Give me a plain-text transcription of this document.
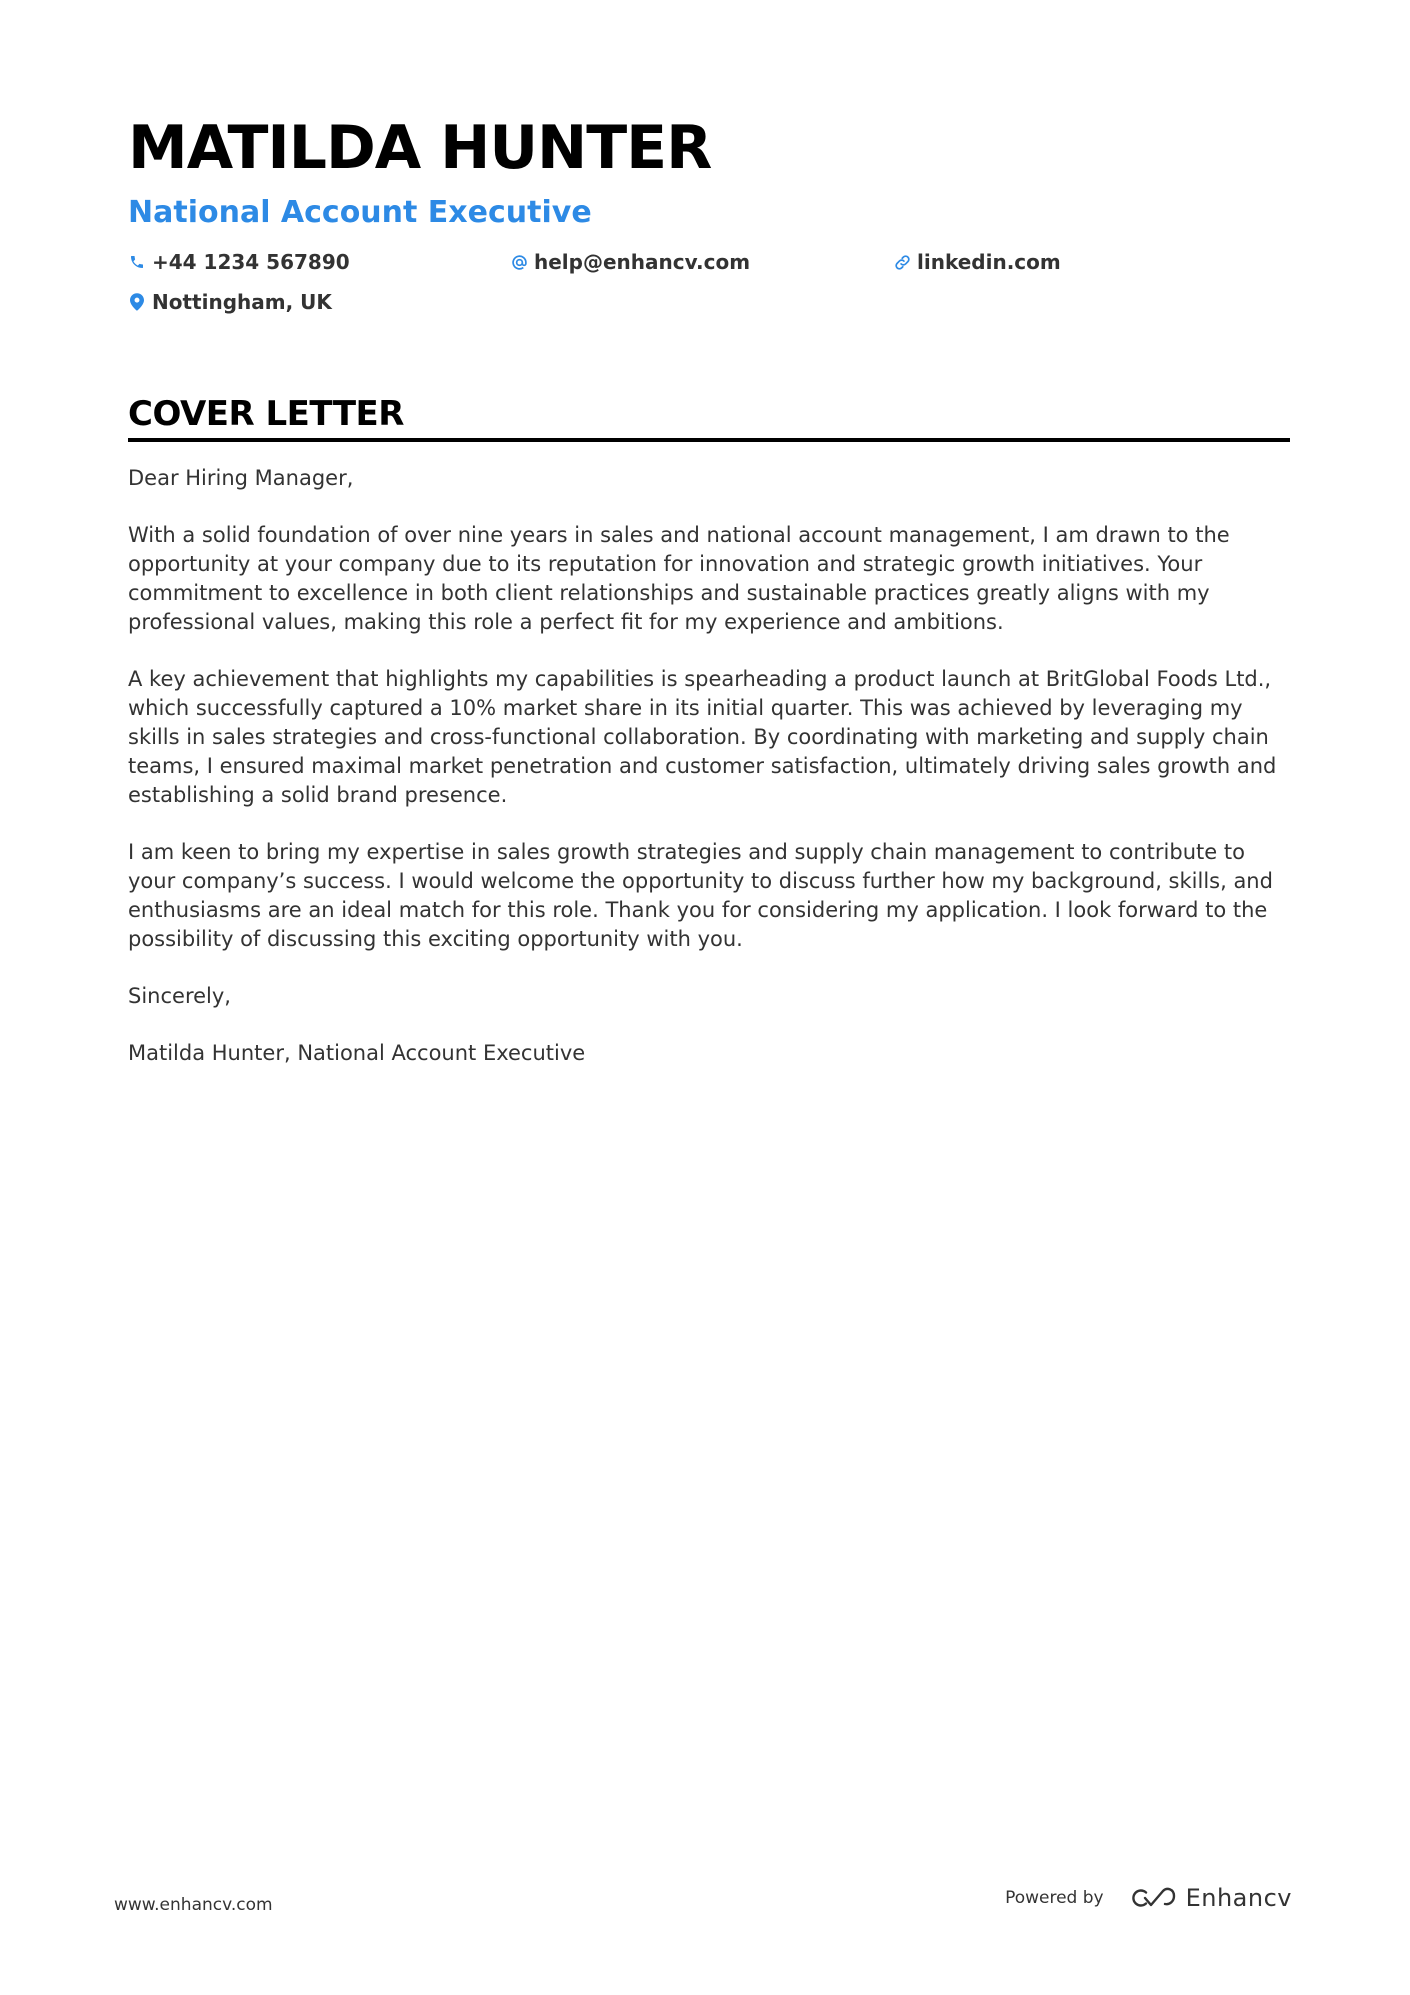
MATILDA HUNTER
National Account Executive
+44 1234 567890	help@enhancv.com	linkedin.com
Nottingham, UK
COVER LETTER

Dear Hiring Manager,

With a solid foundation of over nine years in sales and national account management, I am drawn to the opportunity at your company due to its reputation for innovation and strategic growth initiatives. Your commitment to excellence in both client relationships and sustainable practices greatly aligns with my professional values, making this role a perfect fit for my experience and ambitions.

A key achievement that highlights my capabilities is spearheading a product launch at BritGlobal Foods Ltd., which successfully captured a 10% market share in its initial quarter. This was achieved by leveraging my skills in sales strategies and cross-functional collaboration. By coordinating with marketing and supply chain teams, I ensured maximal market penetration and customer satisfaction, ultimately driving sales growth and establishing a solid brand presence.

I am keen to bring my expertise in sales growth strategies and supply chain management to contribute to your company’s success. I would welcome the opportunity to discuss further how my background, skills, and enthusiasms are an ideal match for this role. Thank you for considering my application. I look forward to the possibility of discussing this exciting opportunity with you.

Sincerely,

Matilda Hunter, National Account Executive

www.enhancv.com	Powered by	Enhancv
